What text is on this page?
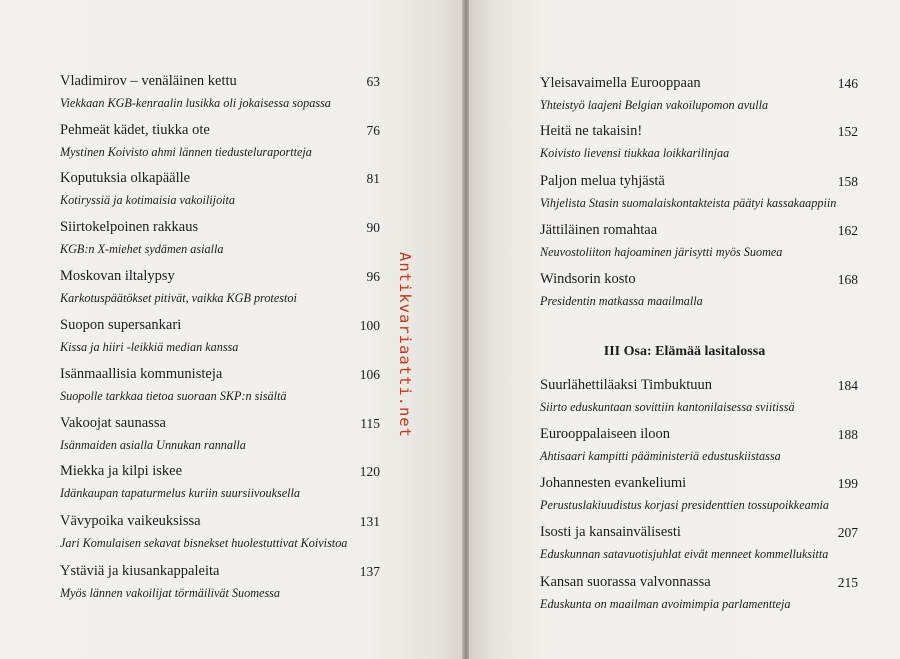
Vladimirov – venäläinen kettu	63
Viekkaan KGB-kenraalin lusikka oli jokaisessa sopassa
Pehmeät kädet, tiukka ote	76
Mystinen Koivisto ahmi lännen tiedusteluraportteja
Koputuksia olkapäälle	81
Kotiryssiä ja kotimaisia vakoilijoita
Siirtokelpoinen rakkaus	90
KGB:n X-miehet sydämen asialla
Moskovan iltalypsy	96
Karkotuspäätökset pitivät, vaikka KGB protestoi
Suopon supersankari	100
Kissa ja hiiri -leikkiä median kanssa
Isänmaallisia kommunisteja	106
Suopolle tarkkaa tietoa suoraan SKP:n sisältä
Vakoojat saunassa	115
Isänmaiden asialla Unnukan rannalla
Miekka ja kilpi iskee	120
Idänkaupan tapaturmelus kuriin suursiivouksella
Vävypoika vaikeuksissa	131
Jari Komulaisen sekavat bisnekset huolestuttivat Koivistoa
Ystäviä ja kiusankappaleita	137
Myös lännen vakoilijat törmäilivät Suomessa
Antikvariaatti.net
Yleisavaimella Eurooppaan	146
Yhteistyö laajeni Belgian vakoilupomon avulla
Heitä ne takaisin!	152
Koivisto lievensi tiukkaa loikkarilinjaa
Paljon melua tyhjästä	158
Vihjelista Stasin suomalaiskontakteista päätyi kassakaappiin
Jättiläinen romahtaa	162
Neuvostoliiton hajoaminen järisytti myös Suomea
Windsorin kosto	168
Presidentin matkassa maailmalla
III Osa: Elämää lasitalossa
Suurlähettiläaksi Timbuktuun	184
Siirto eduskuntaan sovittiin kantonilaisessa sviitissä
Eurooppalaiseen iloon	188
Ahtisaari kampitti pääministeriä edustuskiistassa
Johannesten evankeliumi	199
Perustuslakiuudistus korjasi presidenttien tossupoikkeamia
Isosti ja kansainvälisesti	207
Eduskunnan satavuotisjuhlat eivät menneet kommelluksitta
Kansan suorassa valvonnassa	215
Eduskunta on maailman avoimimpia parlamentteja
